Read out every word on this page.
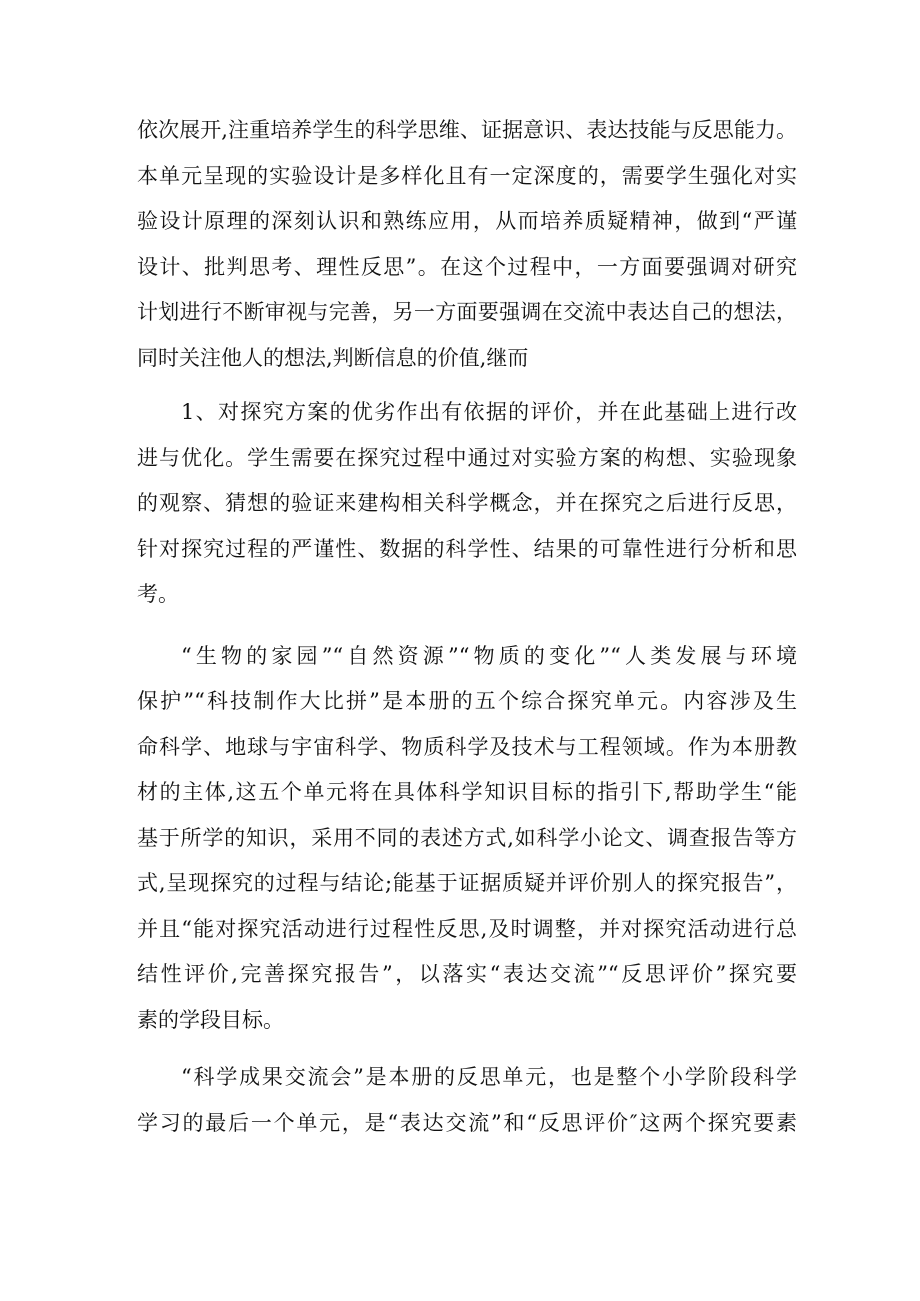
依次展开,注重培养学生的科学思维、证据意识、表达技能与反思能力。
本单元呈现的实验设计是多样化且有一定深度的，需要学生强化对实
验设计原理的深刻认识和熟练应用，从而培养质疑精神，做到“严谨
设计、批判思考、理性反思”。在这个过程中，一方面要强调对研究
计划进行不断审视与完善，另一方面要强调在交流中表达自己的想法，
同时关注他人的想法,判断信息的价值,继而

1、对探究方案的优劣作出有依据的评价，并在此基础上进行改
进与优化。学生需要在探究过程中通过对实验方案的构想、实验现象
的观察、猜想的验证来建构相关科学概念，并在探究之后进行反思，
针对探究过程的严谨性、数据的科学性、结果的可靠性进行分析和思
考。

“生物的家园”“自然资源”“物质的变化”“人类发展与环境
保护”“科技制作大比拼”是本册的五个综合探究单元。内容涉及生
命科学、地球与宇宙科学、物质科学及技术与工程领域。作为本册教
材的主体,这五个单元将在具体科学知识目标的指引下,帮助学生“能
基于所学的知识，采用不同的表述方式,如科学小论文、调查报告等方
式,呈现探究的过程与结论;能基于证据质疑并评价别人的探究报告”，
并且“能对探究活动进行过程性反思,及时调整，并对探究活动进行总
结性评价,完善探究报告”，以落实“表达交流”“反思评价”探究要
素的学段目标。

“科学成果交流会”是本册的反思单元，也是整个小学阶段科学
学习的最后一个单元，是“表达交流”和“反思评价″这两个探究要素
